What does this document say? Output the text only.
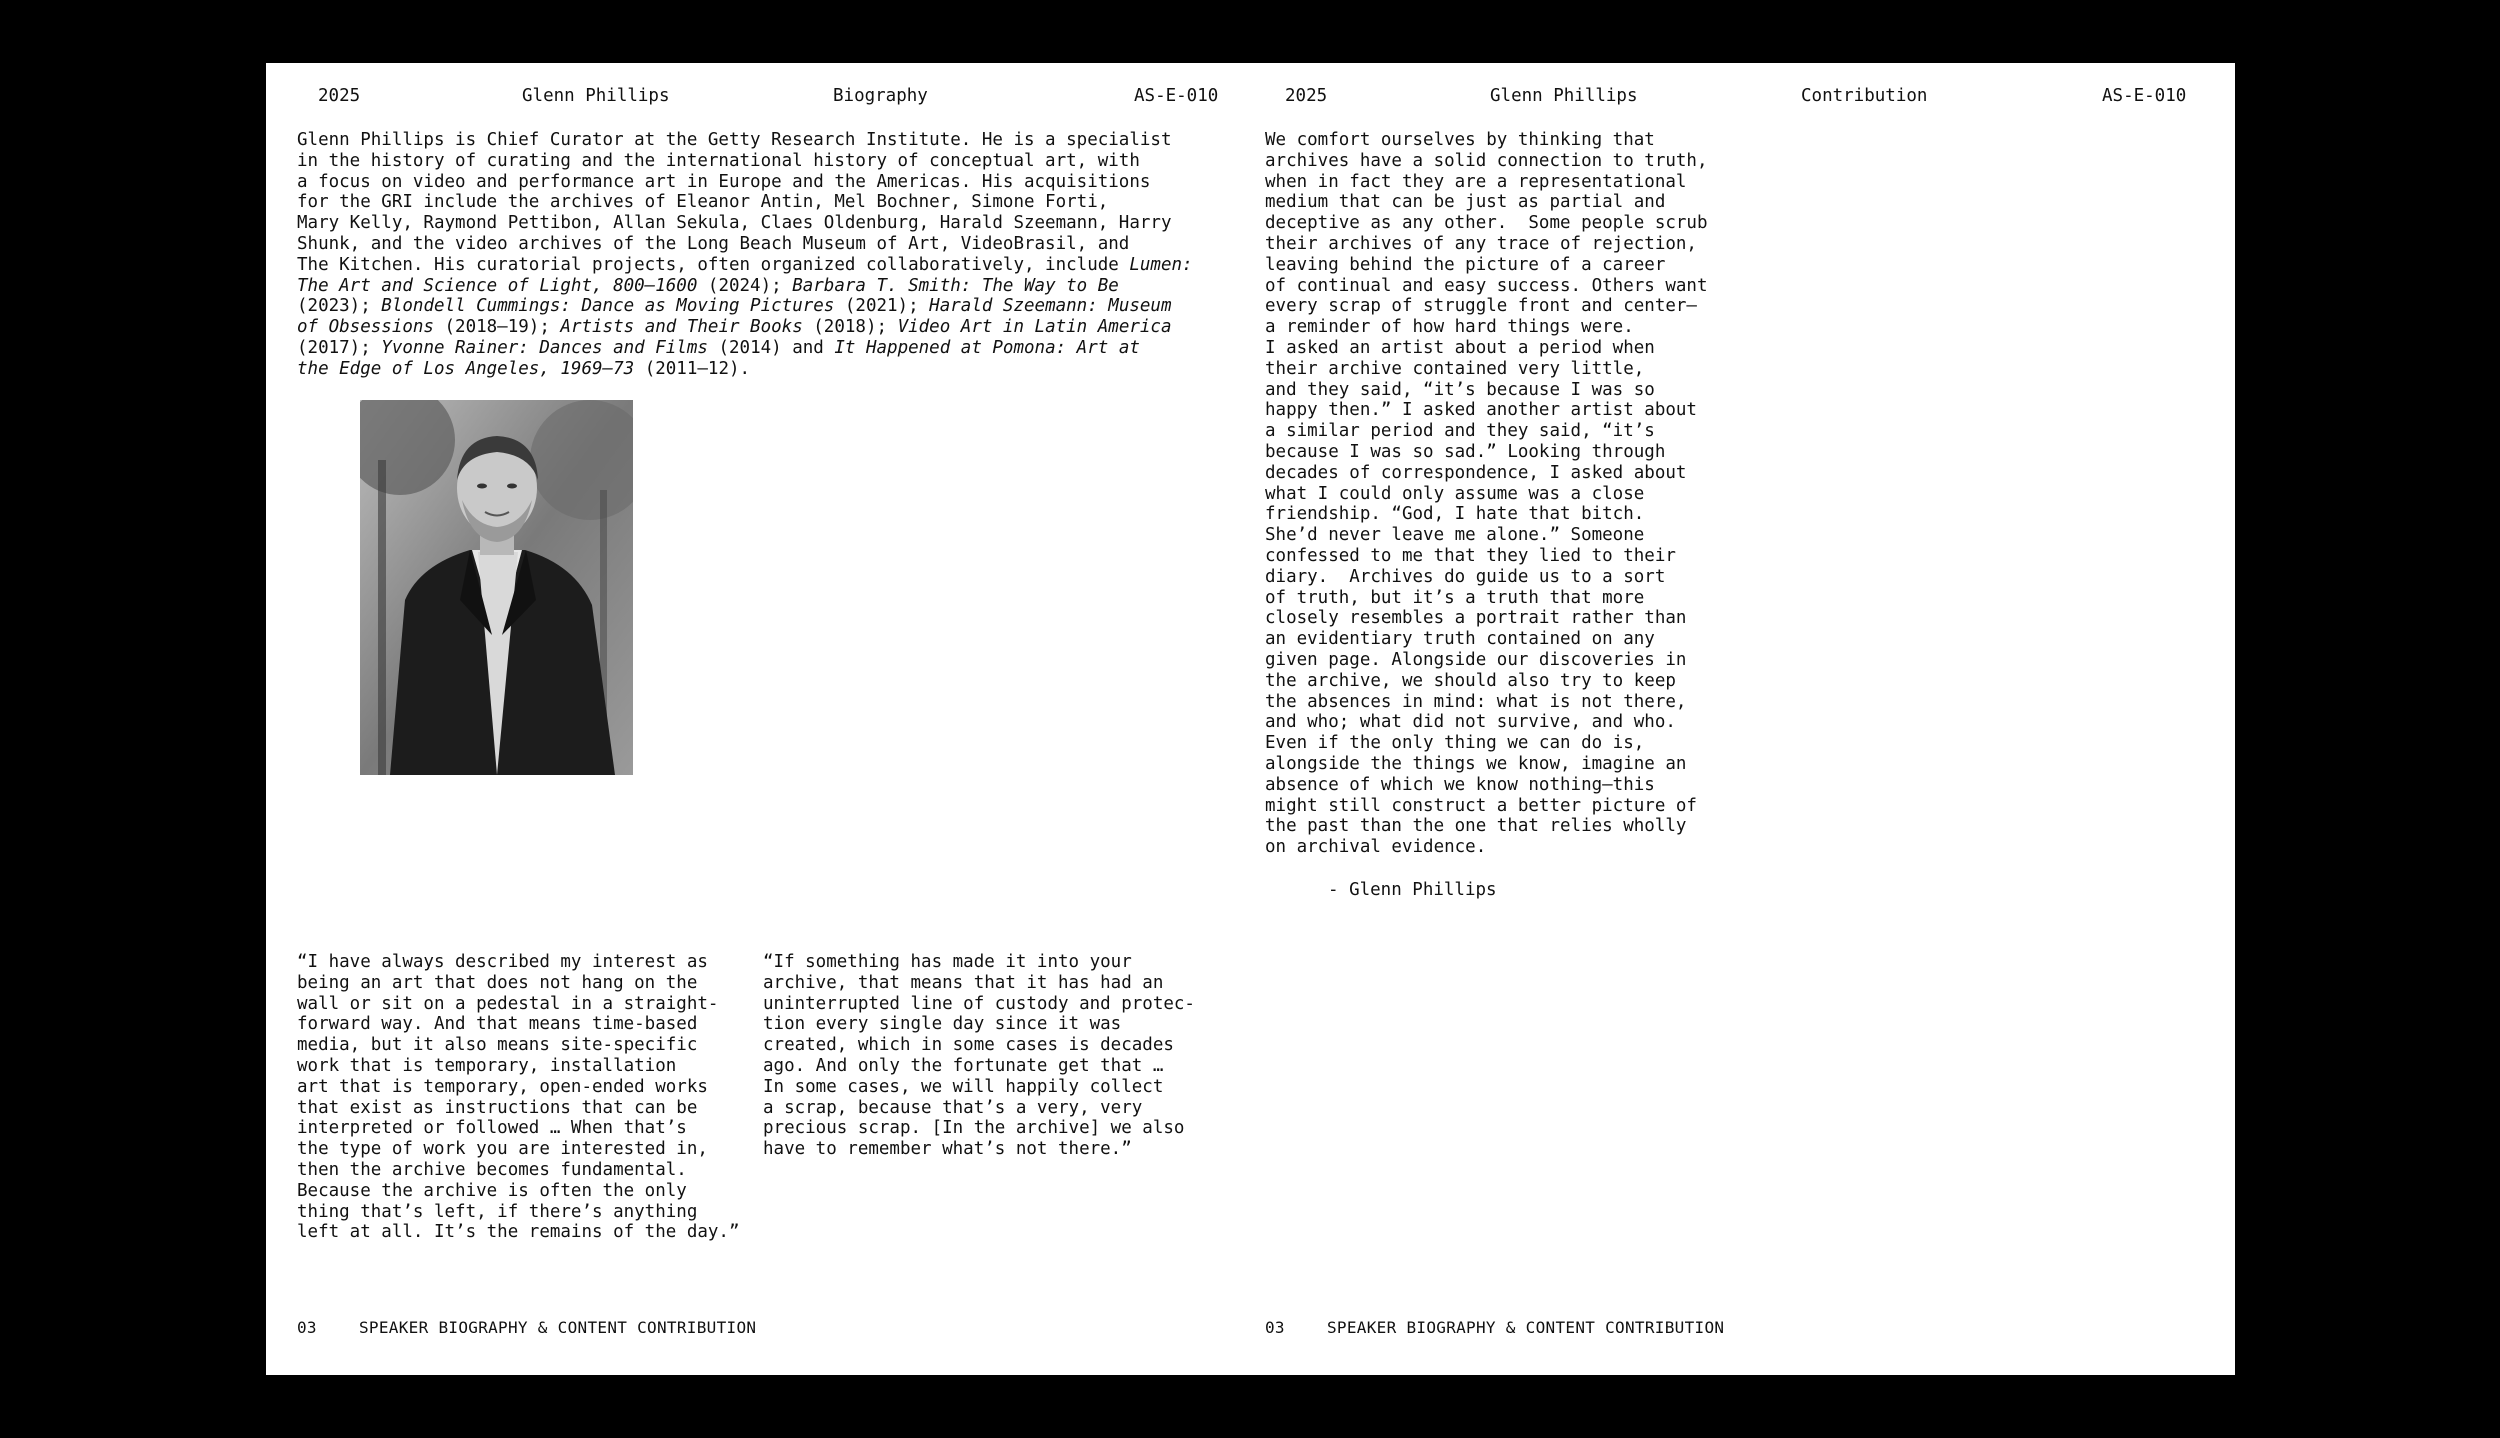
2025	Glenn Phillips	Biography	AS-E-010
Glenn Phillips is Chief Curator at the Getty Research Institute. He is a specialist
in the history of curating and the international history of conceptual art, with
a focus on video and performance art in Europe and the Americas. His acquisitions
for the GRI include the archives of Eleanor Antin, Mel Bochner, Simone Forti,
Mary Kelly, Raymond Pettibon, Allan Sekula, Claes Oldenburg, Harald Szeemann, Harry
Shunk, and the video archives of the Long Beach Museum of Art, VideoBrasil, and
The Kitchen. His curatorial projects, often organized collaboratively, include Lumen:
The Art and Science of Light, 800–1600 (2024); Barbara T. Smith: The Way to Be
(2023); Blondell Cummings: Dance as Moving Pictures (2021); Harald Szeemann: Museum
of Obsessions (2018–19); Artists and Their Books (2018); Video Art in Latin America
(2017); Yvonne Rainer: Dances and Films (2014) and It Happened at Pomona: Art at
the Edge of Los Angeles, 1969–73 (2011–12).
“I have always described my interest as
being an art that does not hang on the
wall or sit on a pedestal in a straight-
forward way. And that means time-based
media, but it also means site-specific
work that is temporary, installation
art that is temporary, open-ended works
that exist as instructions that can be
interpreted or followed … When that’s
the type of work you are interested in,
then the archive becomes fundamental.
Because the archive is often the only
thing that’s left, if there’s anything
left at all. It’s the remains of the day.”
“If something has made it into your
archive, that means that it has had an
uninterrupted line of custody and protec-
tion every single day since it was
created, which in some cases is decades
ago. And only the fortunate get that …
In some cases, we will happily collect
a scrap, because that’s a very, very
precious scrap. [In the archive] we also
have to remember what’s not there.”
03	SPEAKER BIOGRAPHY & CONTENT CONTRIBUTION
2025	Glenn Phillips	Contribution	AS-E-010
We comfort ourselves by thinking that
archives have a solid connection to truth,
when in fact they are a representational
medium that can be just as partial and
deceptive as any other.  Some people scrub
their archives of any trace of rejection,
leaving behind the picture of a career
of continual and easy success. Others want
every scrap of struggle front and center—
a reminder of how hard things were.
I asked an artist about a period when
their archive contained very little,
and they said, “it’s because I was so
happy then.” I asked another artist about
a similar period and they said, “it’s
because I was so sad.” Looking through
decades of correspondence, I asked about
what I could only assume was a close
friendship. “God, I hate that bitch.
She’d never leave me alone.” Someone
confessed to me that they lied to their
diary.  Archives do guide us to a sort
of truth, but it’s a truth that more
closely resembles a portrait rather than
an evidentiary truth contained on any
given page. Alongside our discoveries in
the archive, we should also try to keep
the absences in mind: what is not there,
and who; what did not survive, and who.
Even if the only thing we can do is,
alongside the things we know, imagine an
absence of which we know nothing—this
might still construct a better picture of
the past than the one that relies wholly
on archival evidence.
- Glenn Phillips
03	SPEAKER BIOGRAPHY & CONTENT CONTRIBUTION
